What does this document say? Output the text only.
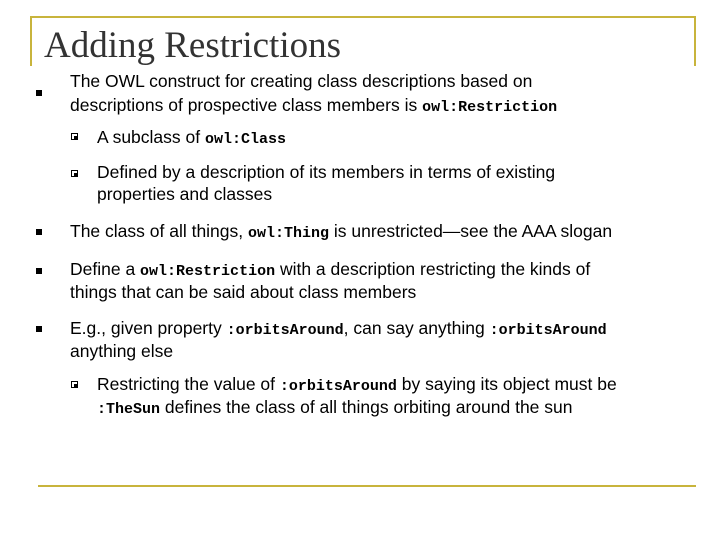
Adding Restrictions
The OWL construct for creating class descriptions based on
descriptions of prospective class members is owl:Restriction
A subclass of owl:Class
Defined by a description of its members in terms of existing
properties and classes
The class of all things, owl:Thing is unrestricted—see the AAA slogan
Define a owl:Restriction with a description restricting the kinds of
things that can be said about class members
E.g., given property :orbitsAround, can say anything :orbitsAround
anything else
Restricting the value of :orbitsAround by saying its object must be
:TheSun defines the class of all things orbiting around the sun
